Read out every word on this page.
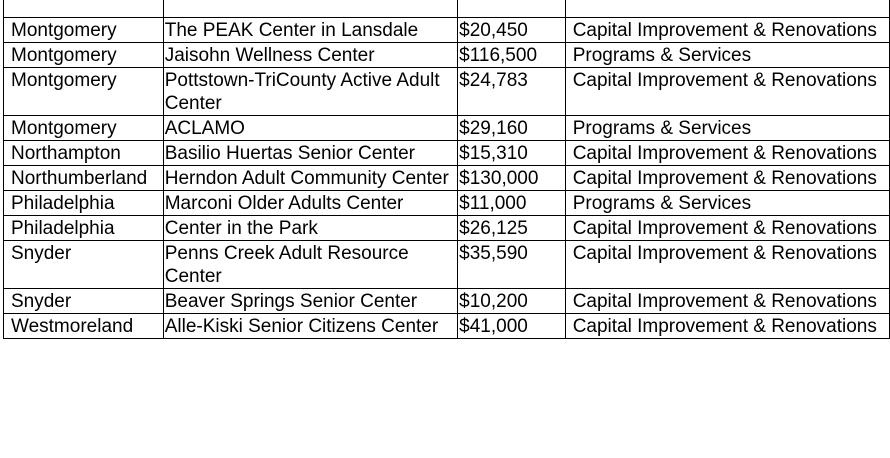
Montgomery	The PEAK Center in Lansdale	$20,450	Capital Improvement & Renovations
Montgomery	Jaisohn Wellness Center	$116,500	Programs & Services
Montgomery	Pottstown-TriCounty Active Adult Center	$24,783	Capital Improvement & Renovations
Montgomery	ACLAMO	$29,160	Programs & Services
Northampton	Basilio Huertas Senior Center	$15,310	Capital Improvement & Renovations
Northumberland	Herndon Adult Community Center	$130,000	Capital Improvement & Renovations
Philadelphia	Marconi Older Adults Center	$11,000	Programs & Services
Philadelphia	Center in the Park	$26,125	Capital Improvement & Renovations
Snyder	Penns Creek Adult Resource Center	$35,590	Capital Improvement & Renovations
Snyder	Beaver Springs Senior Center	$10,200	Capital Improvement & Renovations
Westmoreland	Alle-Kiski Senior Citizens Center	$41,000	Capital Improvement & Renovations
